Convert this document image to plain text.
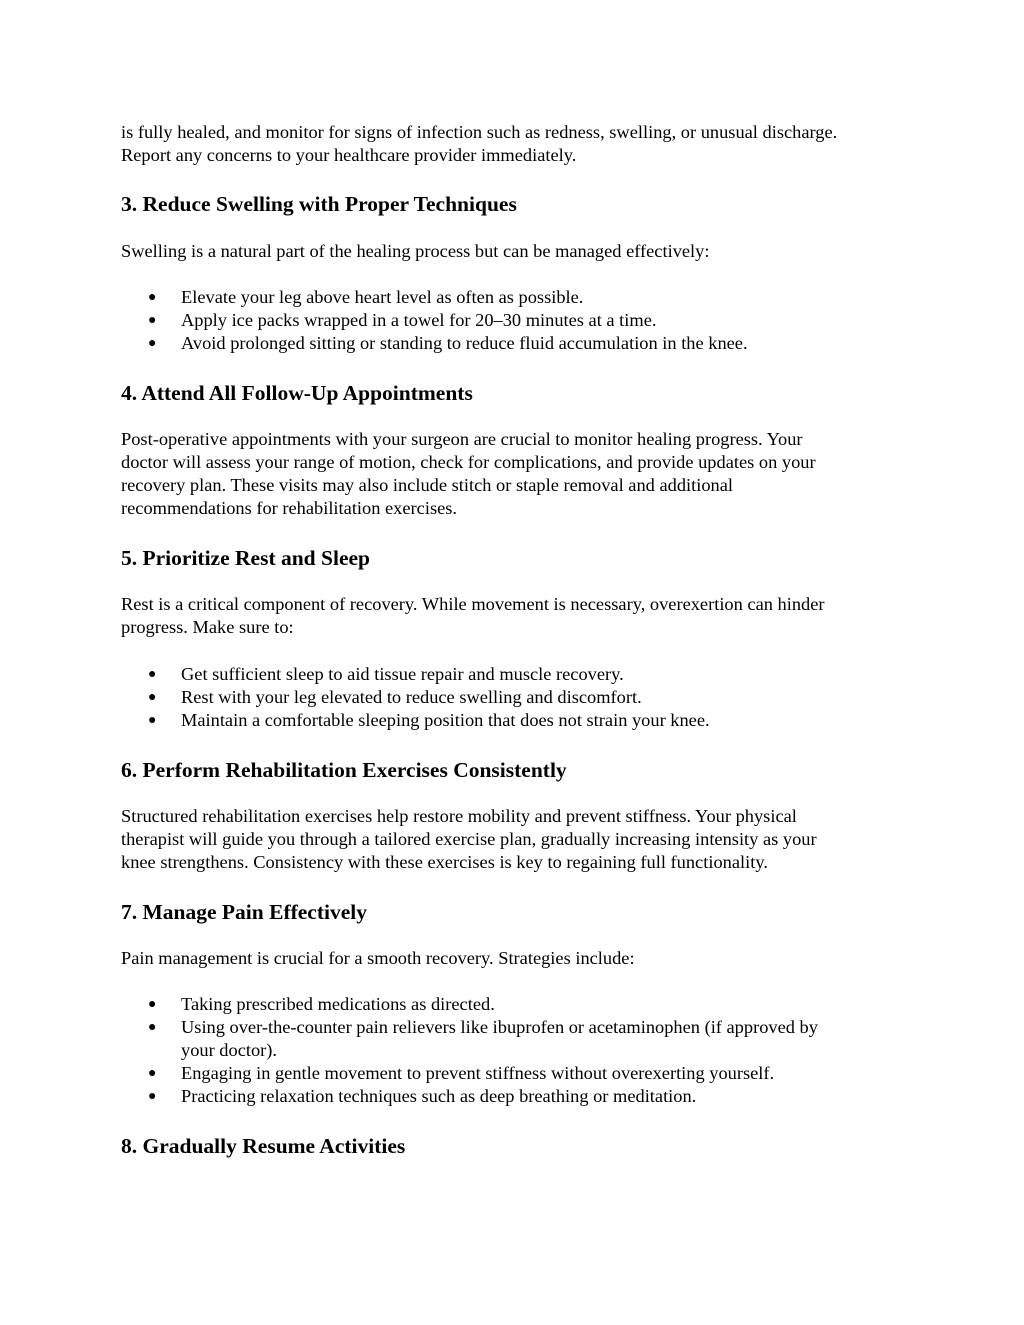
is fully healed, and monitor for signs of infection such as redness, swelling, or unusual discharge.
Report any concerns to your healthcare provider immediately.

3. Reduce Swelling with Proper Techniques

Swelling is a natural part of the healing process but can be managed effectively:

● Elevate your leg above heart level as often as possible.
● Apply ice packs wrapped in a towel for 20–30 minutes at a time.
● Avoid prolonged sitting or standing to reduce fluid accumulation in the knee.
4. Attend All Follow-Up Appointments

Post-operative appointments with your surgeon are crucial to monitor healing progress. Your
doctor will assess your range of motion, check for complications, and provide updates on your
recovery plan. These visits may also include stitch or staple removal and additional
recommendations for rehabilitation exercises.

5. Prioritize Rest and Sleep

Rest is a critical component of recovery. While movement is necessary, overexertion can hinder
progress. Make sure to:

● Get sufficient sleep to aid tissue repair and muscle recovery.
● Rest with your leg elevated to reduce swelling and discomfort.
● Maintain a comfortable sleeping position that does not strain your knee.
6. Perform Rehabilitation Exercises Consistently

Structured rehabilitation exercises help restore mobility and prevent stiffness. Your physical
therapist will guide you through a tailored exercise plan, gradually increasing intensity as your
knee strengthens. Consistency with these exercises is key to regaining full functionality.

7. Manage Pain Effectively

Pain management is crucial for a smooth recovery. Strategies include:

● Taking prescribed medications as directed.
● Using over-the-counter pain relievers like ibuprofen or acetaminophen (if approved by
your doctor).
● Engaging in gentle movement to prevent stiffness without overexerting yourself.
● Practicing relaxation techniques such as deep breathing or meditation.
8. Gradually Resume Activities
